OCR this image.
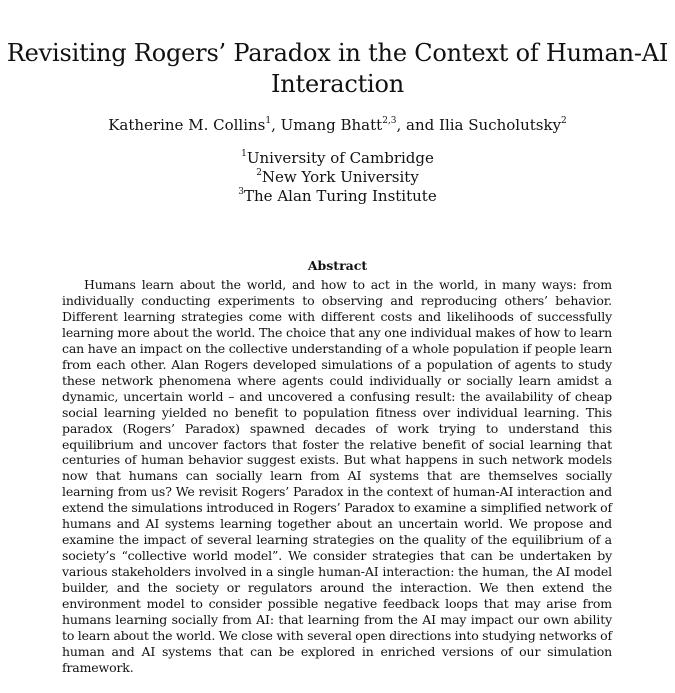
Revisiting Rogers’ Paradox in the Context of Human-AI
Interaction
Katherine M. Collins$^1$, Umang Bhatt$^{2,3}$, and Ilia Sucholutsky$^2$
$^1$University of Cambridge
$^2$New York University
$^3$The Alan Turing Institute
Abstract

Humans learn about the world, and how to act in the world, in many ways: from individually conducting experiments to observing and reproducing others’ behavior. Different learning strategies come with different costs and likelihoods of successfully learning more about the world. The choice that any one individual makes of how to learn can have an impact on the collective understanding of a whole population if people learn from each other. Alan Rogers developed simulations of a population of agents to study these network phenomena where agents could individually or socially learn amidst a dynamic, uncertain world – and uncovered a confusing result: the availability of cheap social learning yielded no benefit to population fitness over individual learning. This paradox (Rogers’ Paradox) spawned decades of work trying to understand this equilibrium and uncover factors that foster the relative benefit of social learning that centuries of human behavior suggest exists. But what happens in such network models now that humans can socially learn from AI systems that are themselves socially learning from us? We revisit Rogers’ Paradox in the context of human-AI interaction and extend the simulations introduced in Rogers’ Paradox to examine a simplified network of humans and AI systems learning together about an uncertain world. We propose and examine the impact of several learning strategies on the quality of the equilibrium of a society’s “collective world model”. We consider strategies that can be undertaken by various stakeholders involved in a single human-AI interaction: the human, the AI model builder, and the society or regulators around the interaction. We then extend the environment model to consider possible negative feedback loops that may arise from humans learning socially from AI: that learning from the AI may impact our own ability to learn about the world. We close with several open directions into studying networks of human and AI systems that can be explored in enriched versions of our simulation framework.
